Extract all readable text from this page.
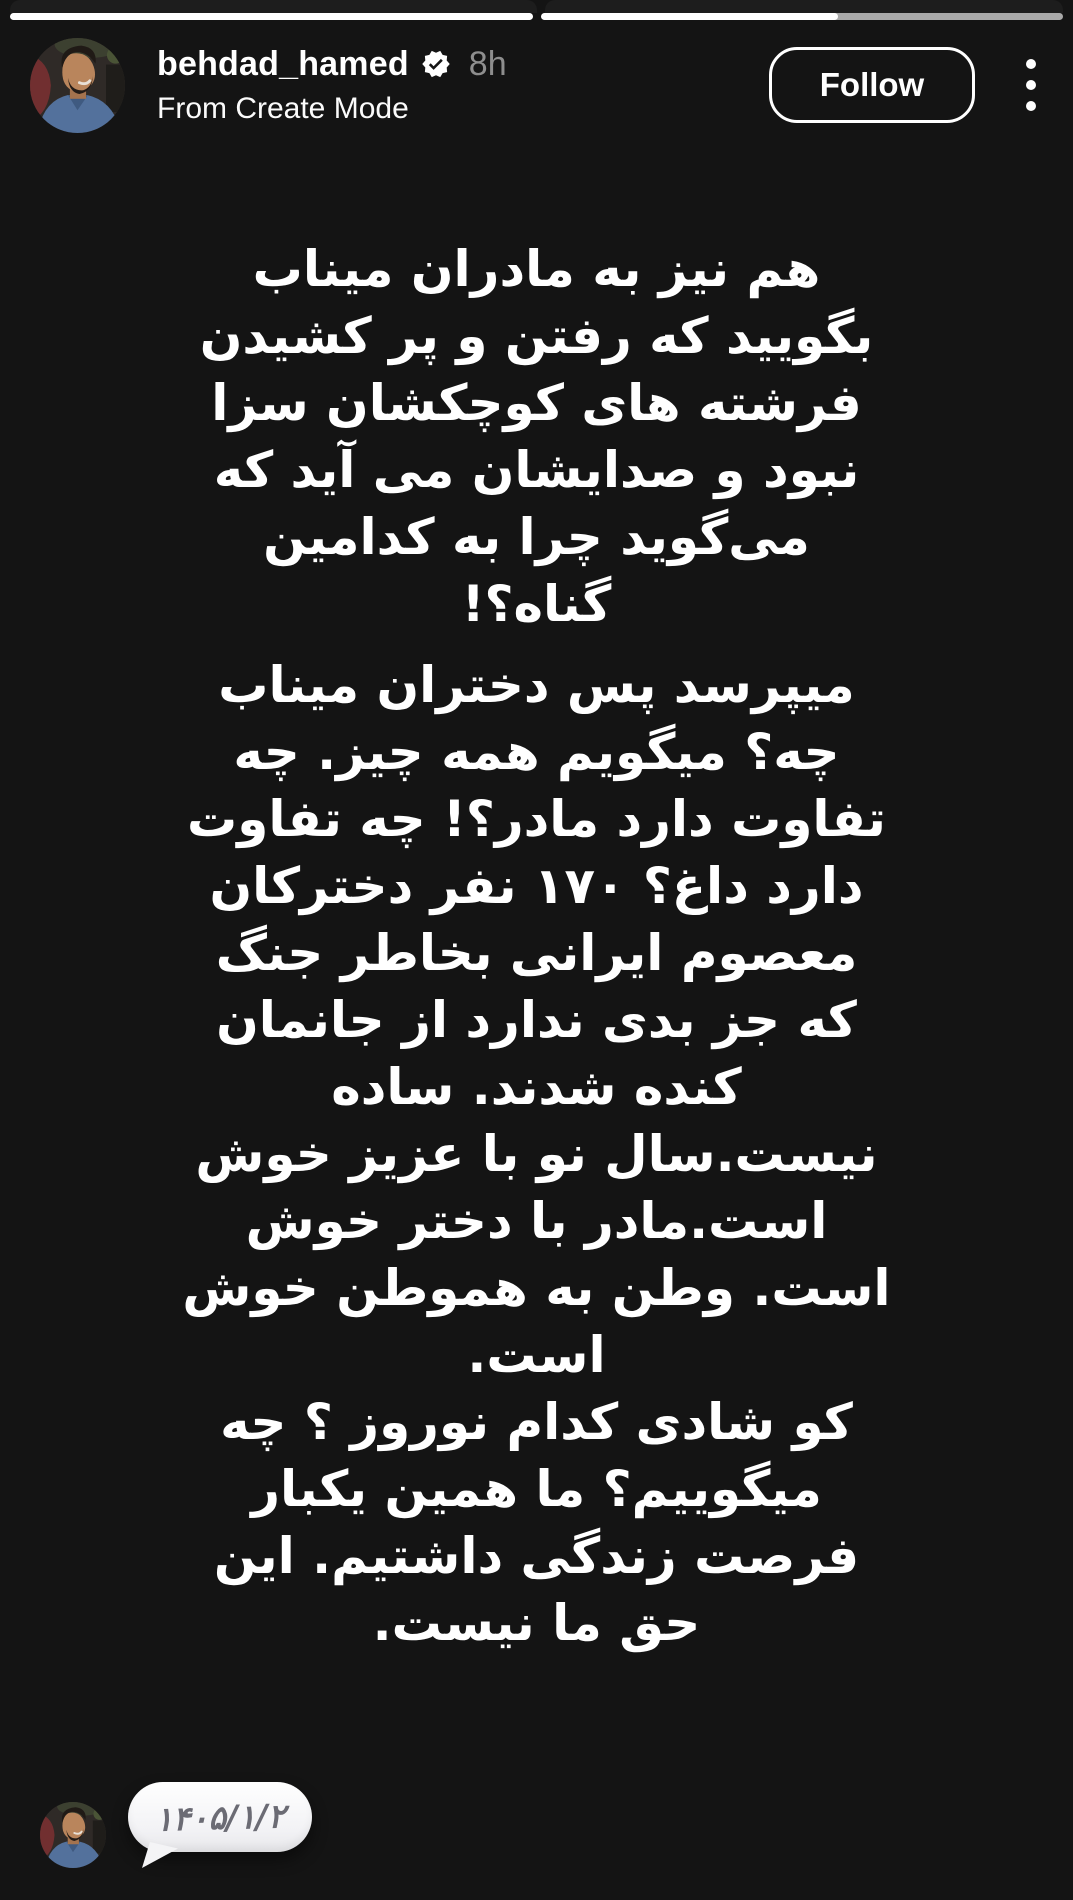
behdad_hamed 8h
From Create Mode
Follow
هم نیز به مادران میناب
بگویید که رفتن و پر کشیدن
فرشته های کوچکشان سزا
نبود و صدایشان می آید که
می‌گوید چرا به کدامین
گناه؟!
میپرسد پس دختران میناب
چه؟ میگویم همه چیز. چه
تفاوت دارد مادر؟! چه تفاوت
دارد داغ؟ ۱۷۰ نفر دخترکان
معصوم ایرانی بخاطر جنگ
که جز بدی ندارد از جانمان
کنده شدند. ساده
نیست.سال نو با عزیز خوش
است.مادر با دختر خوش
است. وطن به هموطن خوش
است.
کو شادی کدام نوروز ؟ چه
میگوییم؟ ما همین یکبار
فرصت زندگی داشتیم. این
حق ما نیست.
۱۴۰۵/۱/۲
